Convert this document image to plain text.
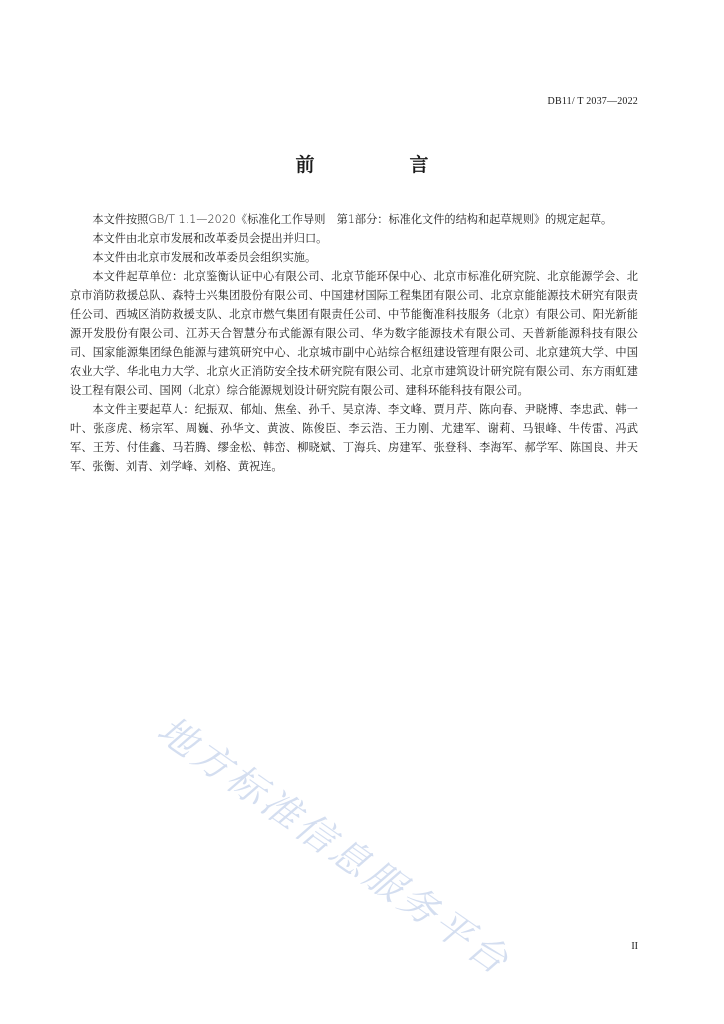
DB11/ T 2037—2022
前　言

本文件按照GB/T 1.1—2020《标准化工作导则　第1部分：标准化文件的结构和起草规则》的规定起草。

本文件由北京市发展和改革委员会提出并归口。

本文件由北京市发展和改革委员会组织实施。

本文件起草单位：北京鉴衡认证中心有限公司、北京节能环保中心、北京市标准化研究院、北京能源学会、北京市消防救援总队、森特士兴集团股份有限公司、中国建材国际工程集团有限公司、北京京能能源技术研究有限责任公司、西城区消防救援支队、北京市燃气集团有限责任公司、中节能衡准科技服务（北京）有限公司、阳光新能源开发股份有限公司、江苏天合智慧分布式能源有限公司、华为数字能源技术有限公司、天普新能源科技有限公司、国家能源集团绿色能源与建筑研究中心、北京城市副中心站综合枢纽建设管理有限公司、北京建筑大学、中国农业大学、华北电力大学、北京火正消防安全技术研究院有限公司、北京市建筑设计研究院有限公司、东方雨虹建设工程有限公司、国网（北京）综合能源规划设计研究院有限公司、建科环能科技有限公司。

本文件主要起草人：纪振双、郁灿、焦垒、孙千、吴京涛、李文峰、贾月芹、陈向春、尹晓博、李忠武、韩一叶、张彦虎、杨宗军、周巍、孙华文、黄波、陈俊臣、李云浩、王力刚、尤建军、谢莉、马银峰、牛传雷、冯武军、王芳、付佳鑫、马若腾、缪金松、韩峦、柳晓斌、丁海兵、房建军、张登科、李海军、郝学军、陈国良、井天军、张衡、刘青、刘学峰、刘格、黄祝连。

地方标准信息服务平台	II
